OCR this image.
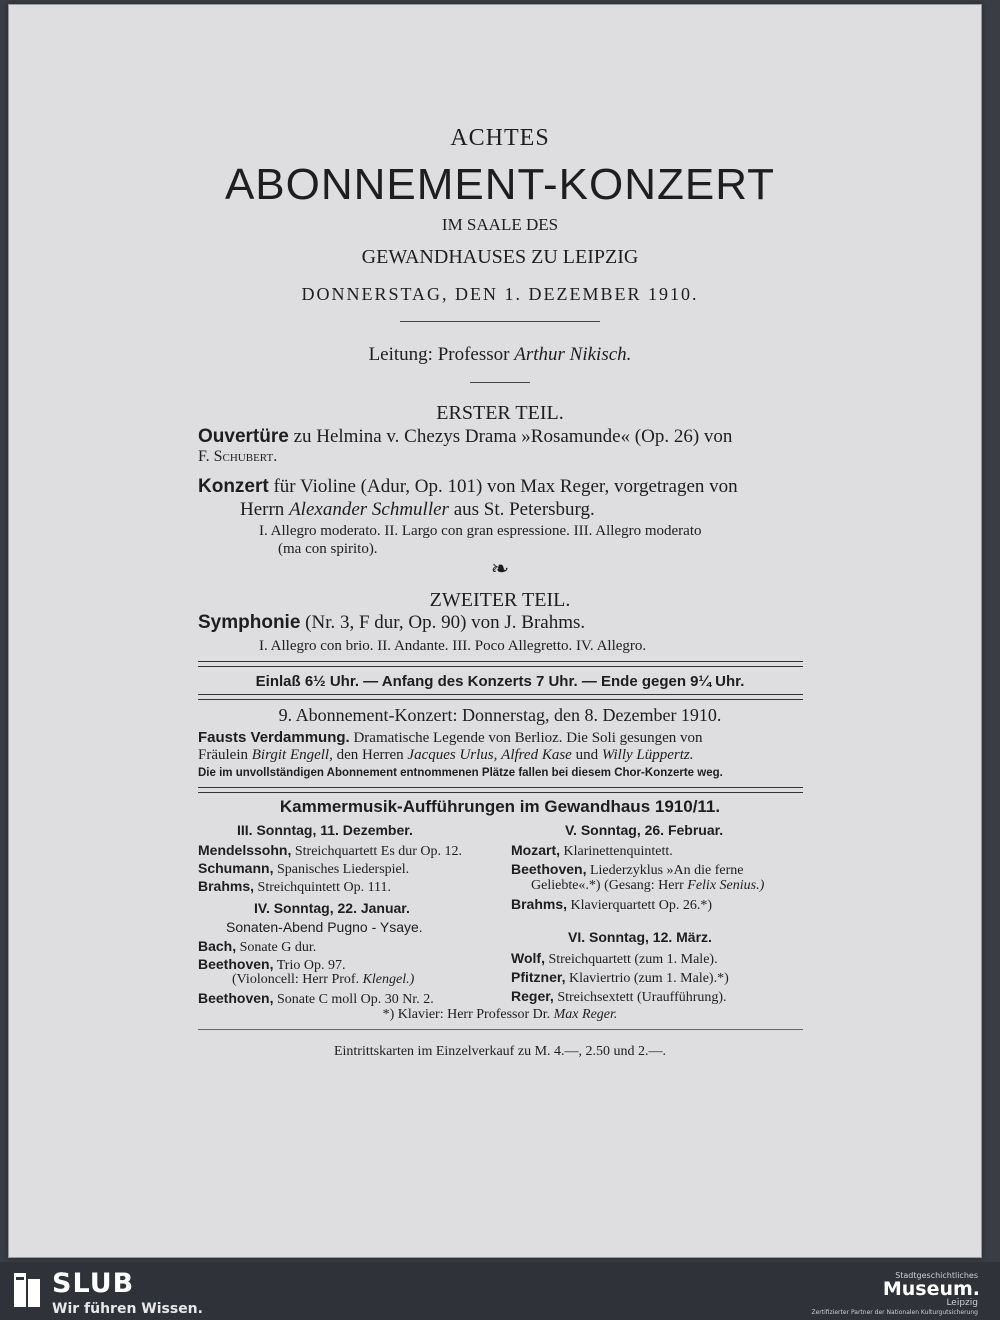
ACHTES
ABONNEMENT-KONZERT
IM SAALE DES
GEWANDHAUSES ZU LEIPZIG
DONNERSTAG, DEN 1. DEZEMBER 1910.
Leitung: Professor Arthur Nikisch.
ERSTER TEIL.
Ouvertüre zu Helmina v. Chezys Drama »Rosamunde« (Op. 26) von
F. Schubert.
Konzert für Violine (Adur, Op. 101) von Max Reger, vorgetragen von
Herrn Alexander Schmuller aus St. Petersburg.
I. Allegro moderato. II. Largo con gran espressione. III. Allegro moderato
(ma con spirito).
❧
ZWEITER TEIL.
Symphonie (Nr. 3, F dur, Op. 90) von J. Brahms.
I. Allegro con brio. II. Andante. III. Poco Allegretto. IV. Allegro.
Einlaß 6½ Uhr. — Anfang des Konzerts 7 Uhr. — Ende gegen 9¼ Uhr.
9. Abonnement-Konzert: Donnerstag, den 8. Dezember 1910.
Fausts Verdammung. Dramatische Legende von Berlioz. Die Soli gesungen von
Fräulein Birgit Engell, den Herren Jacques Urlus, Alfred Kase und Willy Lüppertz.
Die im unvollständigen Abonnement entnommenen Plätze fallen bei diesem Chor-Konzerte weg.
Kammermusik-Aufführungen im Gewandhaus 1910/11.
III. Sonntag, 11. Dezember.
Mendelssohn, Streichquartett Es dur Op. 12.
Schumann, Spanisches Liederspiel.
Brahms, Streichquintett Op. 111.
IV. Sonntag, 22. Januar.
Sonaten-Abend Pugno - Ysaye.
Bach, Sonate G dur.
Beethoven, Trio Op. 97.
(Violoncell: Herr Prof. Klengel.)
Beethoven, Sonate C moll Op. 30 Nr. 2.
V. Sonntag, 26. Februar.
Mozart, Klarinettenquintett.
Beethoven, Liederzyklus »An die ferne
Geliebte«.*) (Gesang: Herr Felix Senius.)
Brahms, Klavierquartett Op. 26.*)
VI. Sonntag, 12. März.
Wolf, Streichquartett (zum 1. Male).
Pfitzner, Klaviertrio (zum 1. Male).*)
Reger, Streichsextett (Uraufführung).
*) Klavier: Herr Professor Dr. Max Reger.
Eintrittskarten im Einzelverkauf zu M. 4.—, 2.50 und 2.—.
SLUB
Wir führen Wissen.
Stadtgeschichtliches
Museum.
Leipzig
Zertifizierter Partner der Nationalen Kulturgutsicherung
